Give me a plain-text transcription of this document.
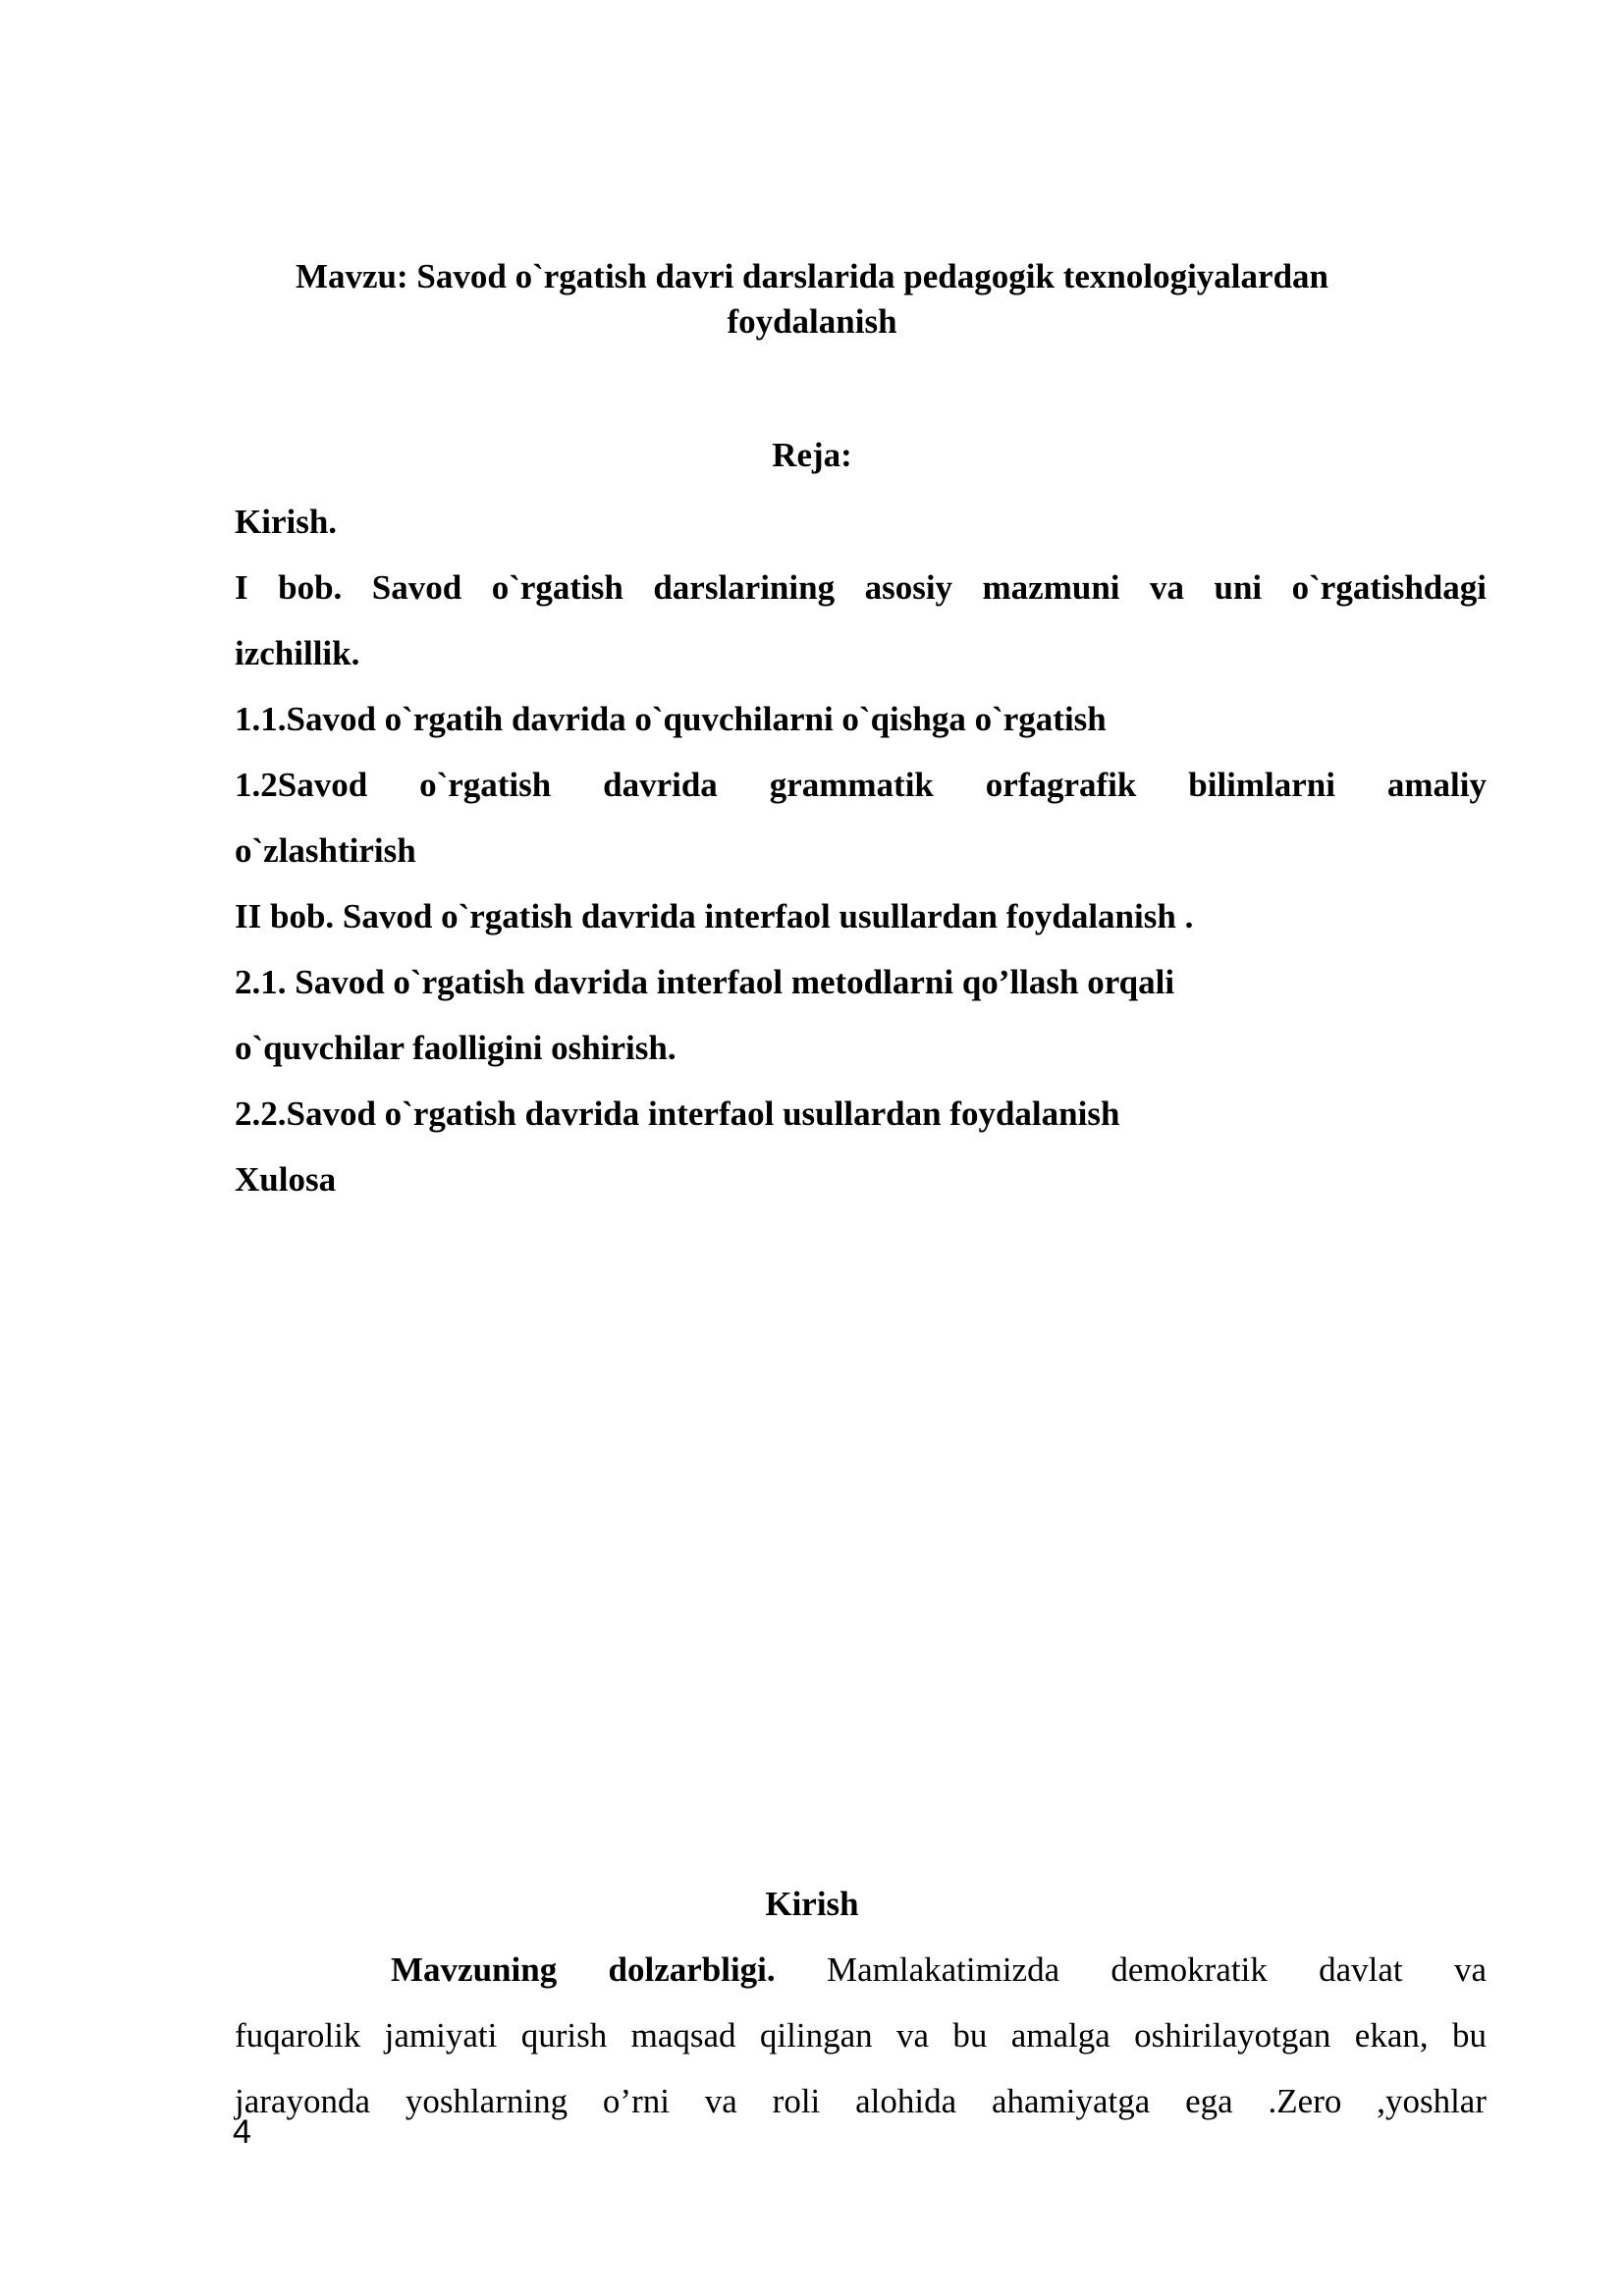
Mavzu: Savod o`rgatish davri darslarida pedagogik texnologiyalardan
foydalanish
Reja:
Kirish.
I bob. Savod o`rgatish darslarining asosiy mazmuni va uni o`rgatishdagi
izchillik.
1.1.Savod o`rgatih davrida o`quvchilarni o`qishga o`rgatish
1.2Savod o`rgatish davrida grammatik orfagrafik bilimlarni amaliy
o`zlashtirish
II bob. Savod o`rgatish davrida interfaol usullardan foydalanish .
2.1. Savod o`rgatish davrida interfaol metodlarni qo’llash orqali
o`quvchilar faolligini oshirish.
2.2.Savod o`rgatish davrida interfaol usullardan foydalanish
Xulosa
Kirish
Mavzuning dolzarbligi. Mamlakatimizda demokratik davlat va
fuqarolik jamiyati qurish maqsad qilingan va bu amalga oshirilayotgan ekan, bu
jarayonda yoshlarning o’rni va roli alohida ahamiyatga ega .Zero ,yoshlar
4
